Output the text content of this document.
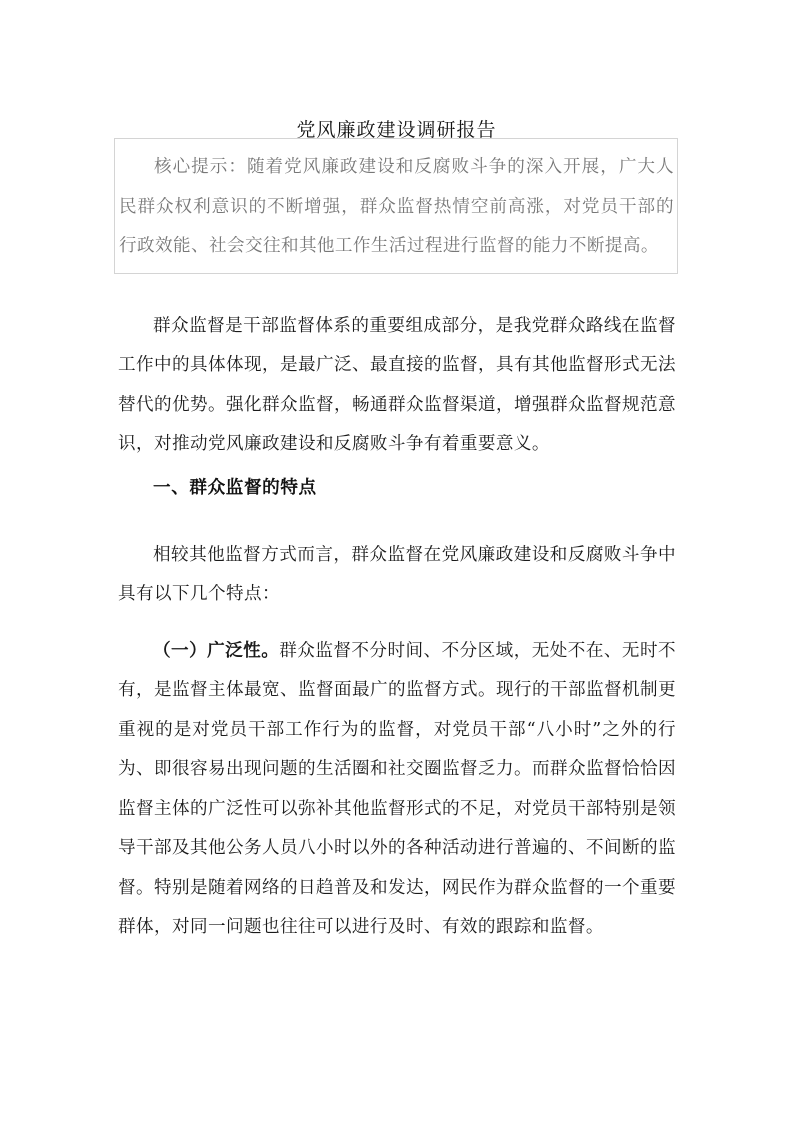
党风廉政建设调研报告
核心提示：随着党风廉政建设和反腐败斗争的深入开展，广大人民群众权利意识的不断增强，群众监督热情空前高涨，对党员干部的行政效能、社会交往和其他工作生活过程进行监督的能力不断提高。

群众监督是干部监督体系的重要组成部分，是我党群众路线在监督工作中的具体体现，是最广泛、最直接的监督，具有其他监督形式无法替代的优势。强化群众监督，畅通群众监督渠道，增强群众监督规范意识，对推动党风廉政建设和反腐败斗争有着重要意义。

一、群众监督的特点

相较其他监督方式而言，群众监督在党风廉政建设和反腐败斗争中具有以下几个特点：

（一）广泛性。群众监督不分时间、不分区域，无处不在、无时不有，是监督主体最宽、监督面最广的监督方式。现行的干部监督机制更重视的是对党员干部工作行为的监督，对党员干部“八小时”之外的行为、即很容易出现问题的生活圈和社交圈监督乏力。而群众监督恰恰因监督主体的广泛性可以弥补其他监督形式的不足，对党员干部特别是领导干部及其他公务人员八小时以外的各种活动进行普遍的、不间断的监督。特别是随着网络的日趋普及和发达，网民作为群众监督的一个重要群体，对同一问题也往往可以进行及时、有效的跟踪和监督。
